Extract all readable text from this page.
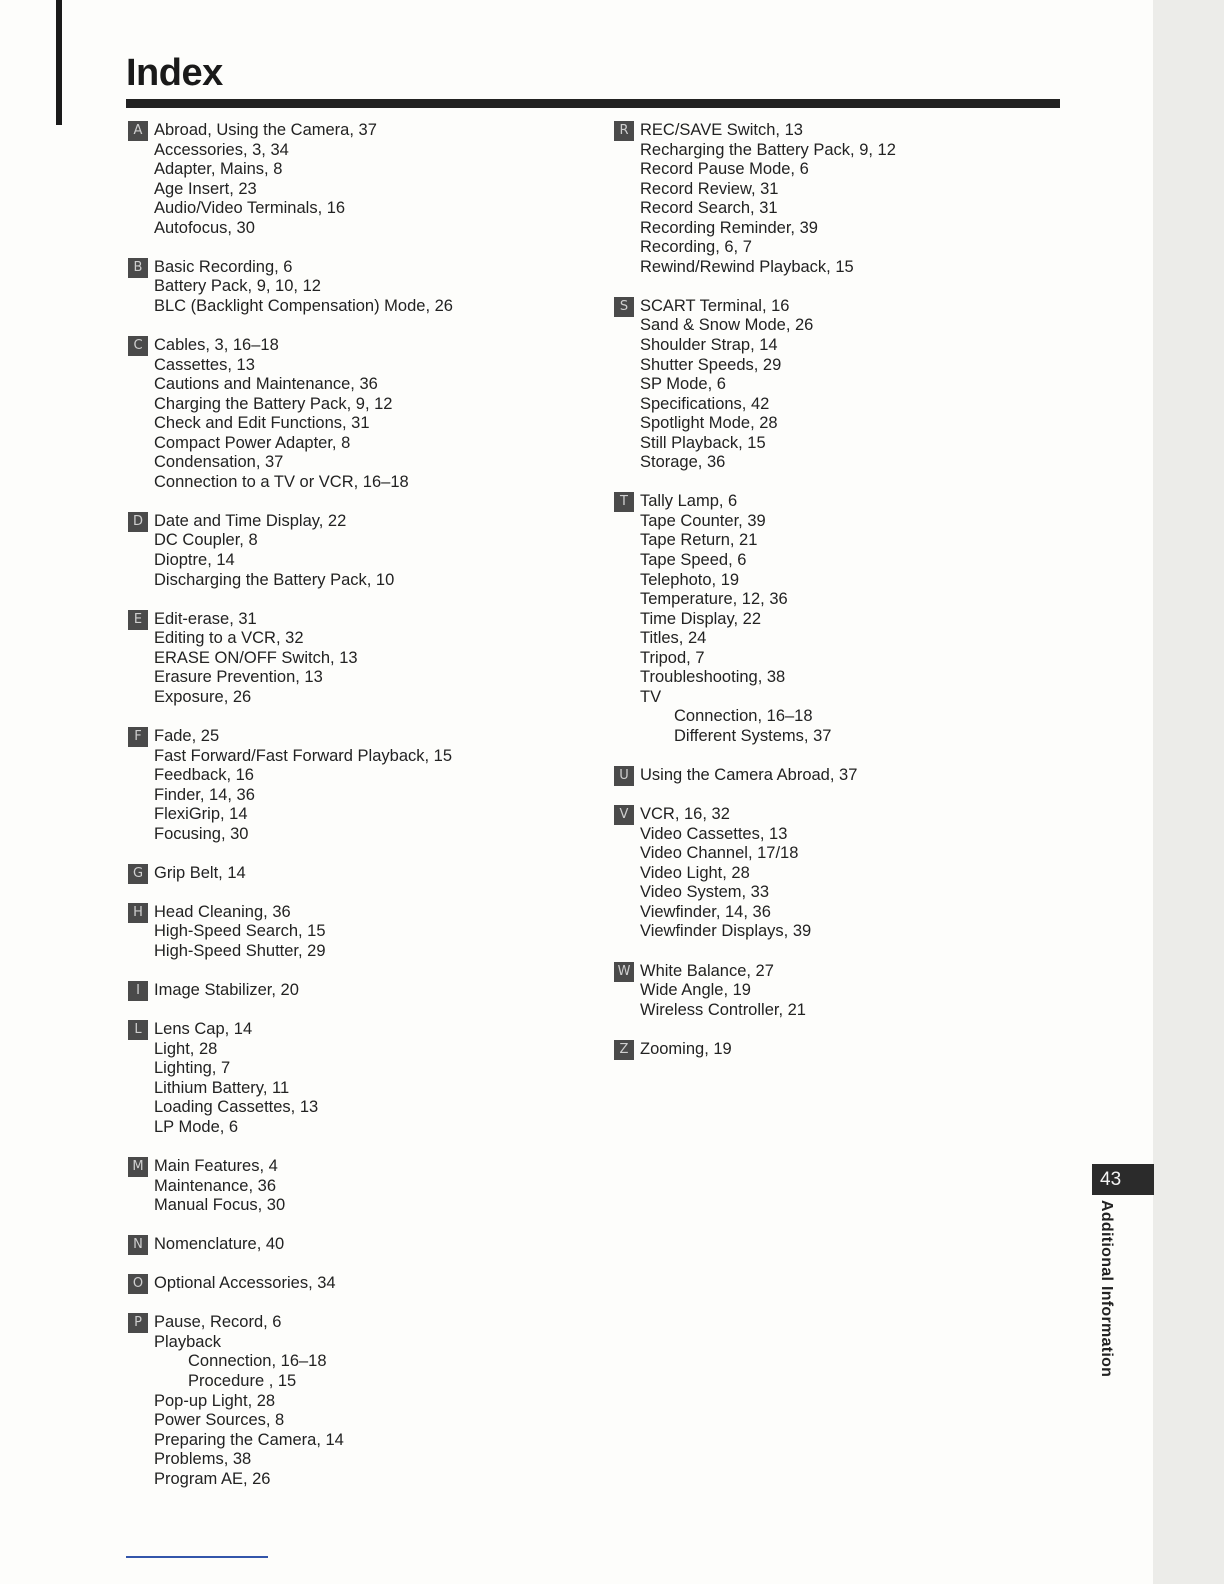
Index
A Abroad, Using the Camera, 37
Accessories, 3, 34
Adapter, Mains, 8
Age Insert, 23
Audio/Video Terminals, 16
Autofocus, 30
B Basic Recording, 6
Battery Pack, 9, 10, 12
BLC (Backlight Compensation) Mode, 26
C Cables, 3, 16–18
Cassettes, 13
Cautions and Maintenance, 36
Charging the Battery Pack, 9, 12
Check and Edit Functions, 31
Compact Power Adapter, 8
Condensation, 37
Connection to a TV or VCR, 16–18
D Date and Time Display, 22
DC Coupler, 8
Dioptre, 14
Discharging the Battery Pack, 10
E Edit-erase, 31
Editing to a VCR, 32
ERASE ON/OFF Switch, 13
Erasure Prevention, 13
Exposure, 26
F Fade, 25
Fast Forward/Fast Forward Playback, 15
Feedback, 16
Finder, 14, 36
FlexiGrip, 14
Focusing, 30
G Grip Belt, 14
H Head Cleaning, 36
High-Speed Search, 15
High-Speed Shutter, 29
I Image Stabilizer, 20
L Lens Cap, 14
Light, 28
Lighting, 7
Lithium Battery, 11
Loading Cassettes, 13
LP Mode, 6
M Main Features, 4
Maintenance, 36
Manual Focus, 30
N Nomenclature, 40
O Optional Accessories, 34
P Pause, Record, 6
Playback
Connection, 16–18
Procedure , 15
Pop-up Light, 28
Power Sources, 8
Preparing the Camera, 14
Problems, 38
Program AE, 26
R REC/SAVE Switch, 13
Recharging the Battery Pack, 9, 12
Record Pause Mode, 6
Record Review, 31
Record Search, 31
Recording Reminder, 39
Recording, 6, 7
Rewind/Rewind Playback, 15
S SCART Terminal, 16
Sand & Snow Mode, 26
Shoulder Strap, 14
Shutter Speeds, 29
SP Mode, 6
Specifications, 42
Spotlight Mode, 28
Still Playback, 15
Storage, 36
T Tally Lamp, 6
Tape Counter, 39
Tape Return, 21
Tape Speed, 6
Telephoto, 19
Temperature, 12, 36
Time Display, 22
Titles, 24
Tripod, 7
Troubleshooting, 38
TV
Connection, 16–18
Different Systems, 37
U Using the Camera Abroad, 37
V VCR, 16, 32
Video Cassettes, 13
Video Channel, 17/18
Video Light, 28
Video System, 33
Viewfinder, 14, 36
Viewfinder Displays, 39
W White Balance, 27
Wide Angle, 19
Wireless Controller, 21
Z Zooming, 19
43

Additional Information
